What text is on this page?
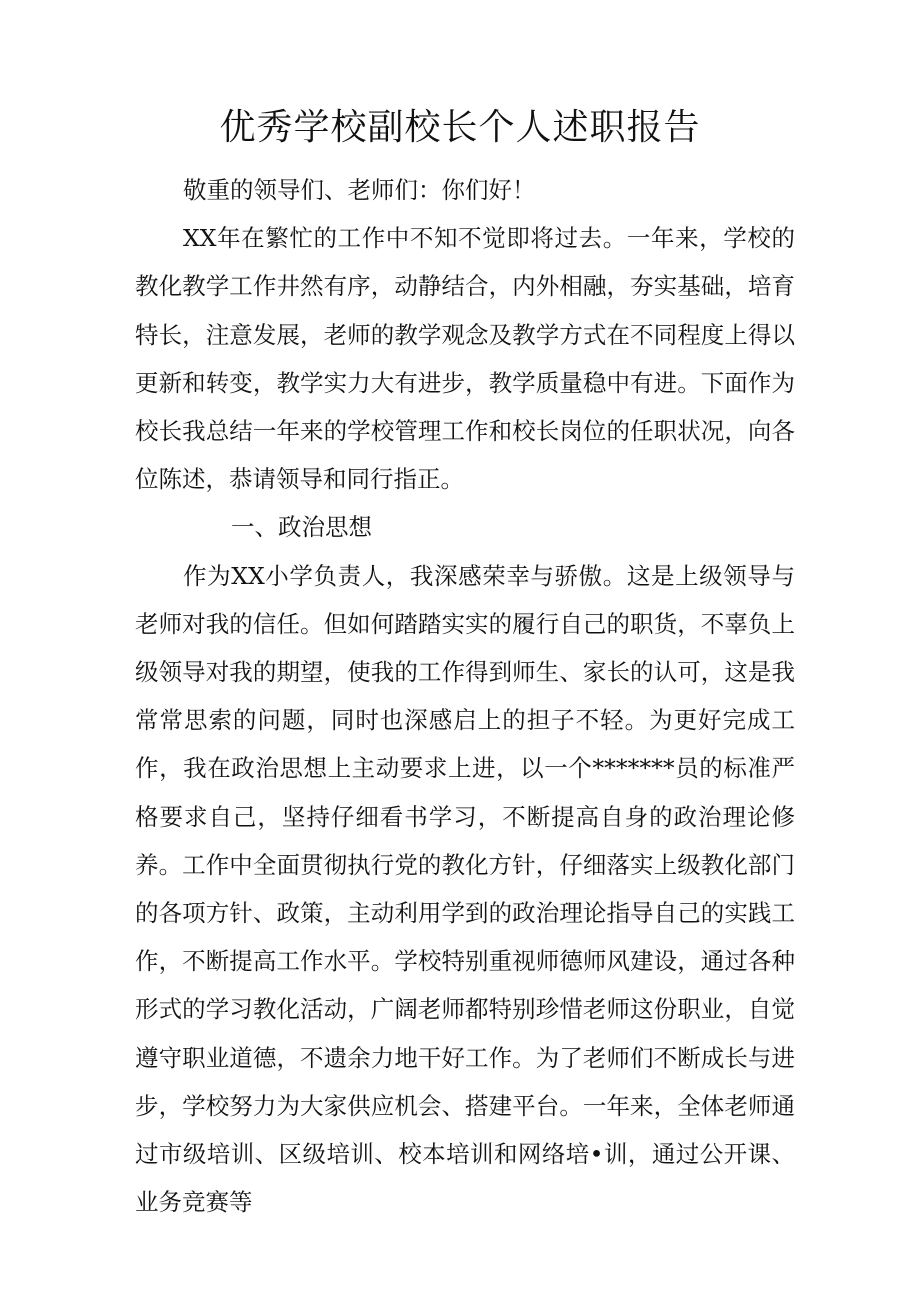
优秀学校副校长个人述职报告

敬重的领导们、老师们：你们好！

XX年在繁忙的工作中不知不觉即将过去。一年来，学校的教化教学工作井然有序，动静结合，内外相融，夯实基础，培育特长，注意发展，老师的教学观念及教学方式在不同程度上得以更新和转变，教学实力大有进步，教学质量稳中有进。下面作为校长我总结一年来的学校管理工作和校长岗位的任职状况，向各位陈述，恭请领导和同行指正。

一、政治思想

作为XX小学负责人，我深感荣幸与骄傲。这是上级领导与老师对我的信任。但如何踏踏实实的履行自己的职货，不辜负上级领导对我的期望，使我的工作得到师生、家长的认可，这是我常常思索的问题，同时也深感启上的担子不轻。为更好完成工作，我在政治思想上主动要求上进，以一个*******员的标准严格要求自己，坚持仔细看书学习，不断提高自身的政治理论修养。工作中全面贯彻执行党的教化方针，仔细落实上级教化部门的各项方针、政策，主动利用学到的政治理论指导自己的实践工作，不断提高工作水平。学校特别重视师德师风建设，通过各种形式的学习教化活动，广阔老师都特别珍惜老师这份职业，自觉遵守职业道德，不遗余力地干好工作。为了老师们不断成长与进步，学校努力为大家供应机会、搭建平台。一年来，全体老师通过市级培训、区级培训、校本培训和网络培•训，通过公开课、业务竞赛等
